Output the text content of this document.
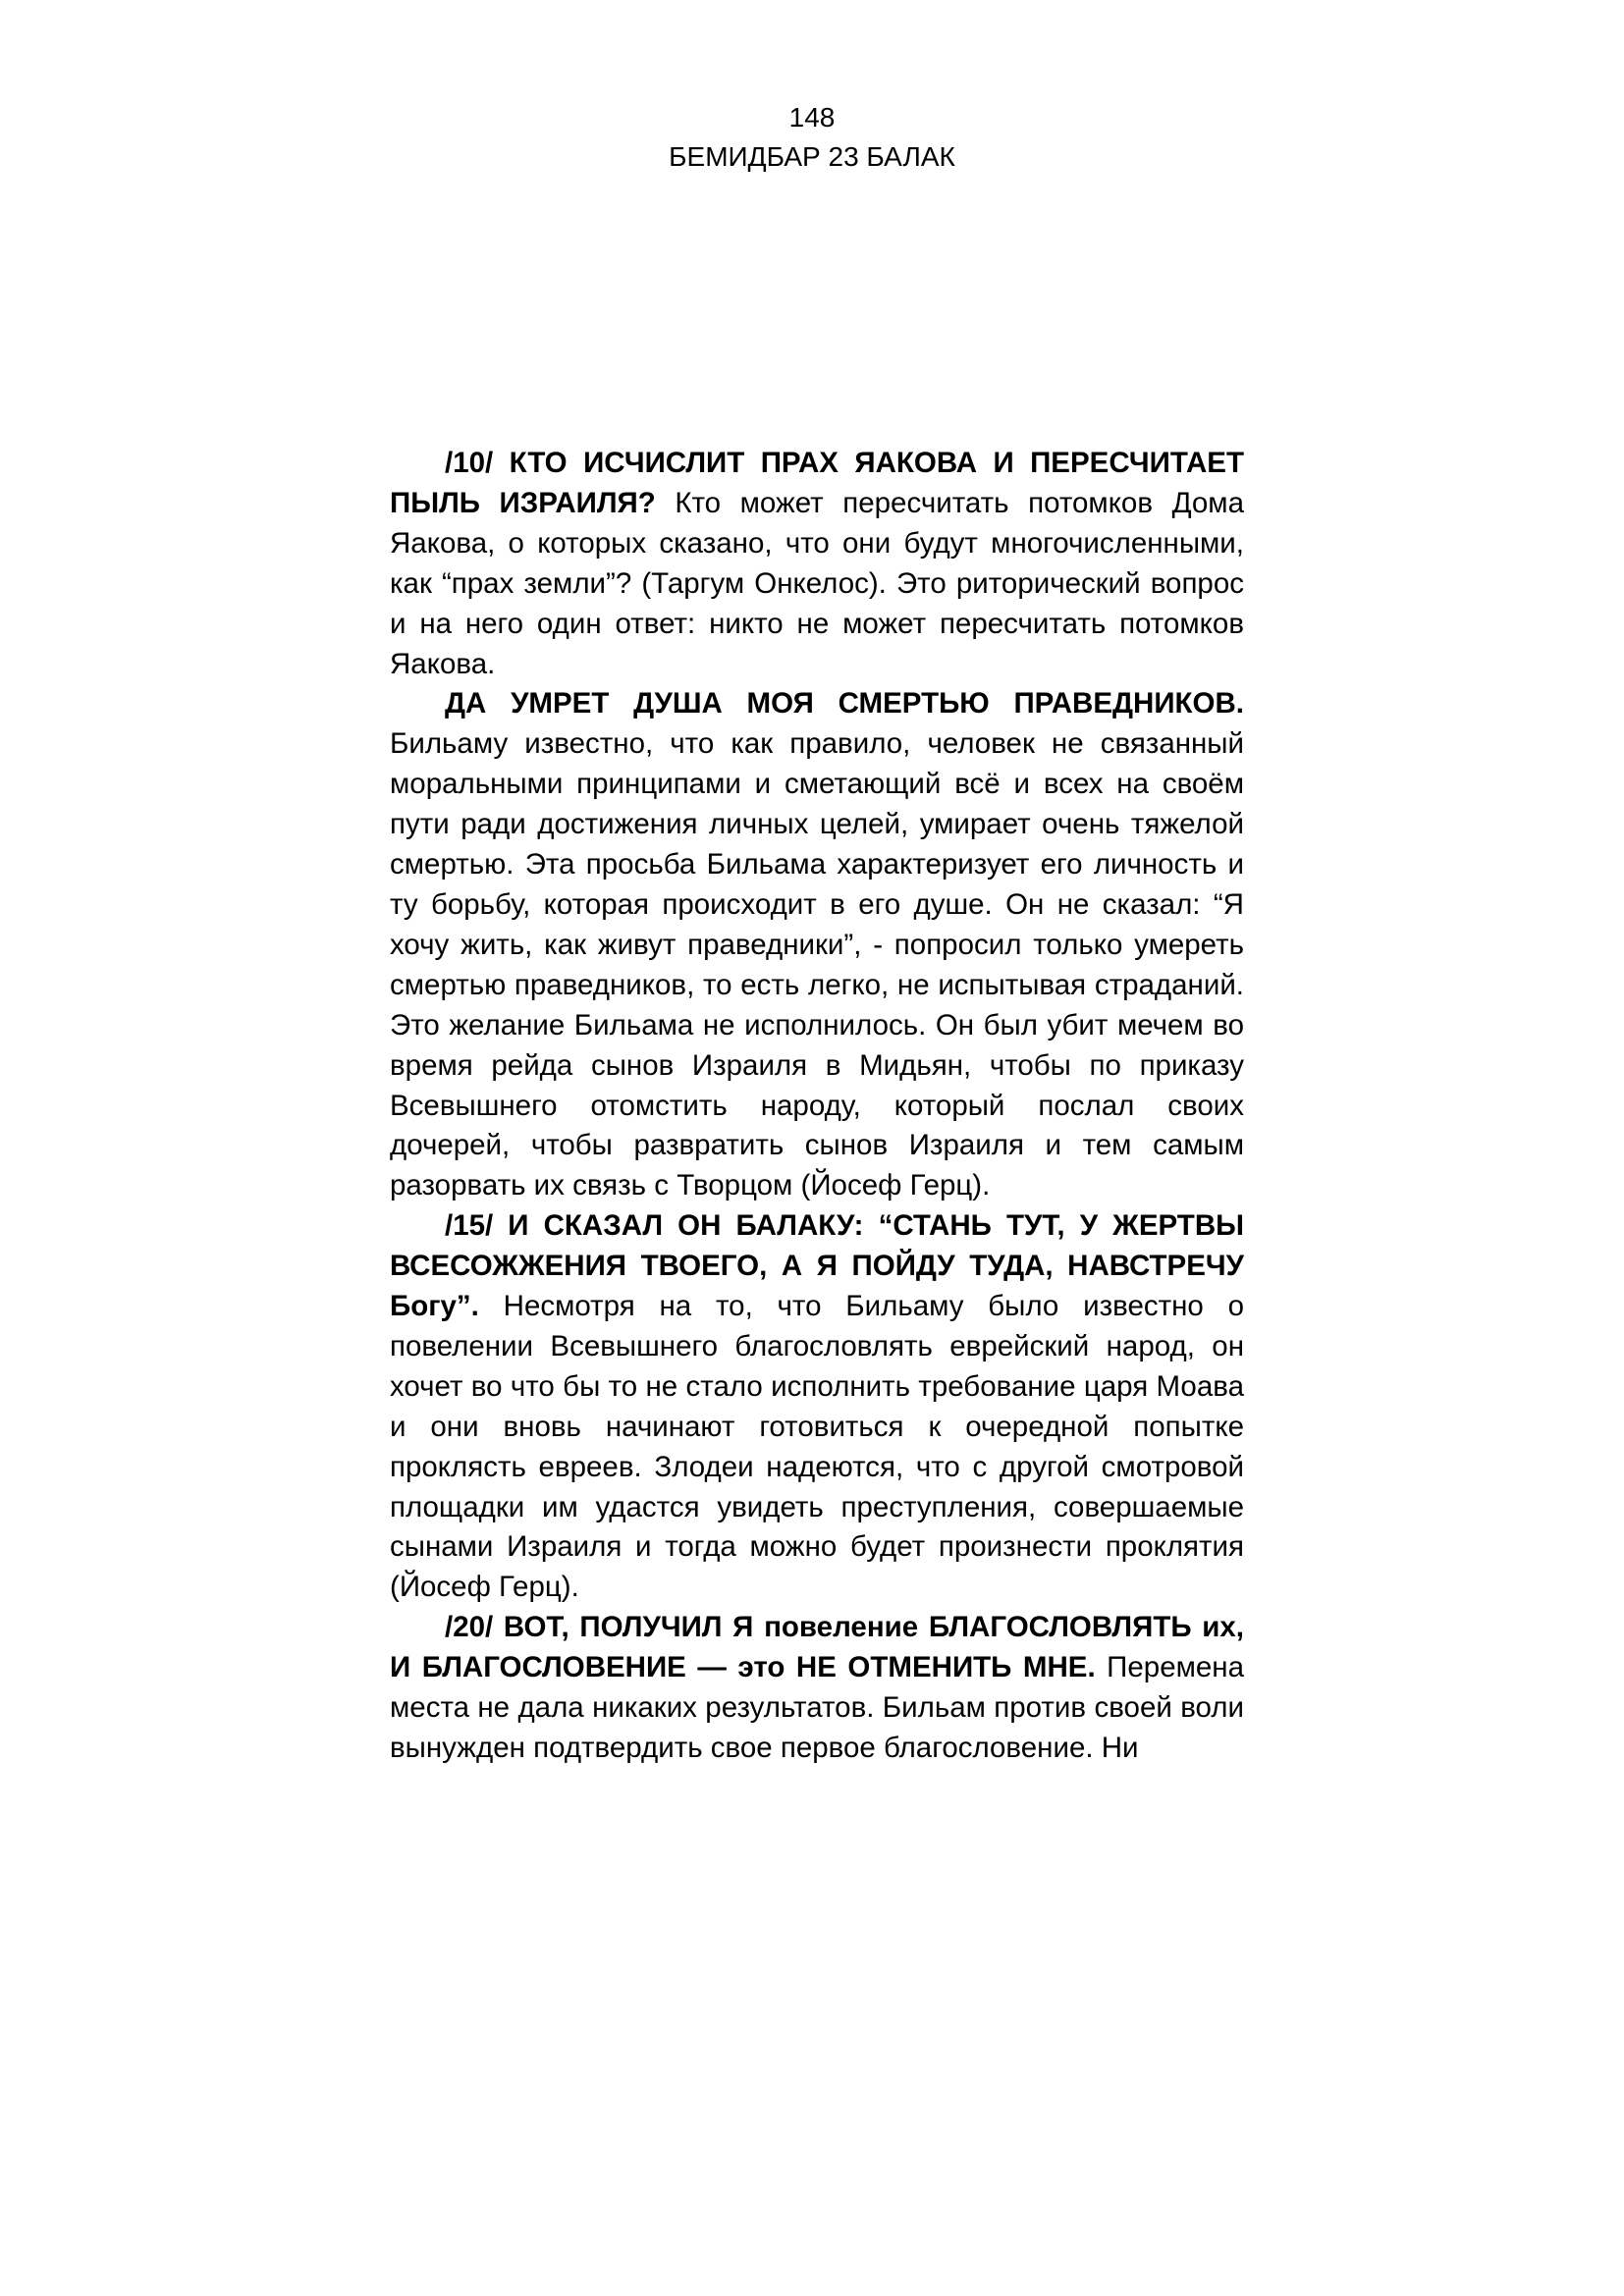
148
БЕМИДБАР 23 БАЛАК

/10/ КТО ИСЧИСЛИТ ПРАХ ЯАКОВА И ПЕРЕСЧИТАЕТ ПЫЛЬ ИЗРАИЛЯ? Кто может пересчитать потомков Дома Яакова, о которых сказано, что они будут многочисленными, как “прах земли”? (Таргум Онкелос). Это риторический вопрос и на него один ответ: никто не может пересчитать потомков Яакова.

ДА УМРЕТ ДУША МОЯ СМЕРТЬЮ ПРАВЕДНИКОВ. Бильаму известно, что как правило, человек не связанный моральными принципами и сметающий всё и всех на своём пути ради достижения личных целей, умирает очень тяжелой смертью. Эта просьба Бильама характеризует его личность и ту борьбу, которая происходит в его душе. Он не сказал: “Я хочу жить, как живут праведники”, - попросил только умереть смертью праведников, то есть легко, не испытывая страданий. Это желание Бильама не исполнилось. Он был убит мечем во время рейда сынов Израиля в Мидьян, чтобы по приказу Всевышнего отомстить народу, который послал своих дочерей, чтобы развратить сынов Израиля и тем самым разорвать их связь с Творцом (Йосеф Герц).

/15/ И СКАЗАЛ ОН БАЛАКУ: “СТАНЬ ТУТ, У ЖЕРТВЫ ВСЕСОЖЖЕНИЯ ТВОЕГО, А Я ПОЙДУ ТУДА, НАВСТРЕЧУ Богу”. Несмотря на то, что Бильаму было известно о повелении Всевышнего благословлять еврейский народ, он хочет во что бы то не стало исполнить требование царя Моава и они вновь начинают готовиться к очередной попытке проклясть евреев. Злодеи надеются, что с другой смотровой площадки им удастся увидеть преступления, совершаемые сынами Израиля и тогда можно будет произнести проклятия (Йосеф Герц).

/20/ ВОТ, ПОЛУЧИЛ Я повеление БЛАГОСЛОВЛЯТЬ их, И БЛАГОСЛОВЕНИЕ — это НЕ ОТМЕНИТЬ МНЕ. Перемена места не дала никаких результатов. Бильам против своей воли вынужден подтвердить свое первое благословение. Ни
